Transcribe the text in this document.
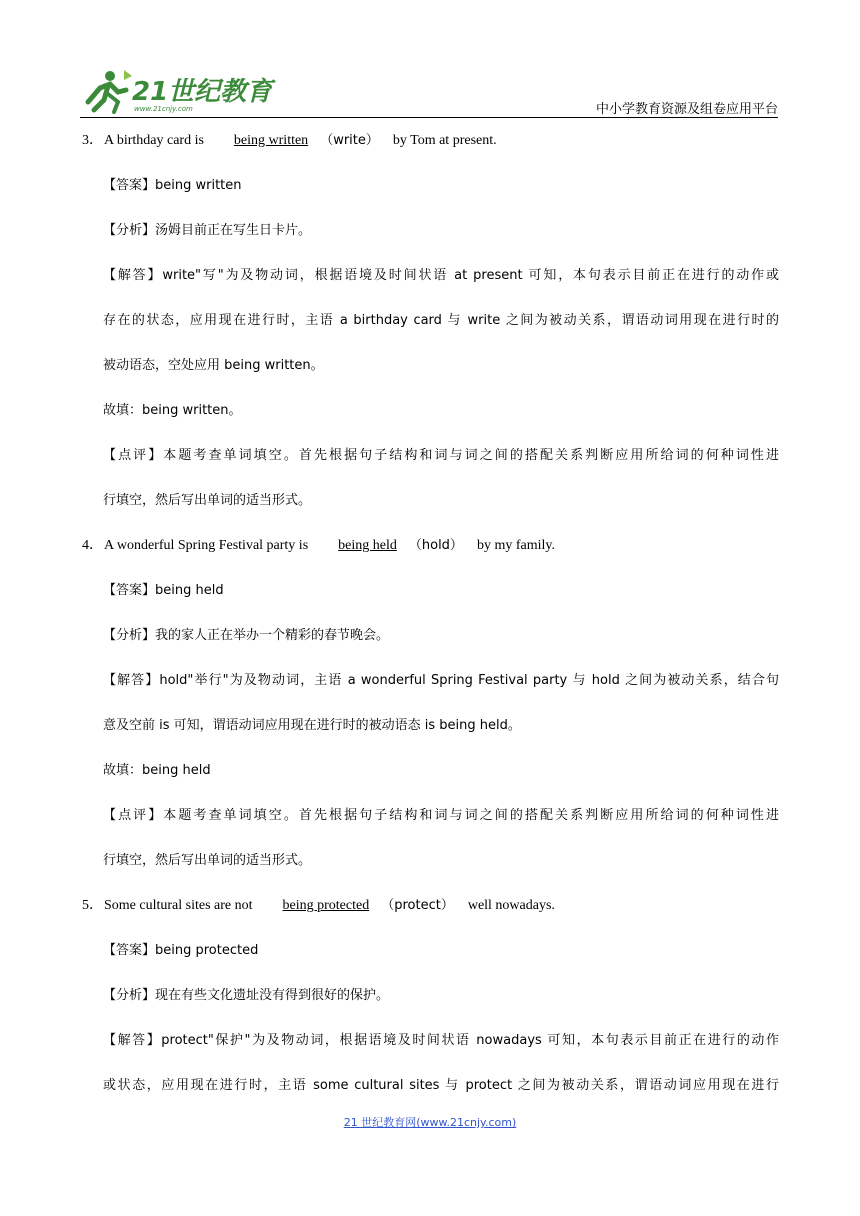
21世纪教育
www.21cnjy.com	中小学教育资源及组卷应用平台
3．A birthday card is being written （write） by Tom at present.
【答案】being written
【分析】汤姆目前正在写生日卡片。
【解答】write"写"为及物动词，根据语境及时间状语 at present 可知，本句表示目前正在进行的动作或
存在的状态，应用现在进行时，主语 a birthday card 与 write 之间为被动关系，谓语动词用现在进行时的
被动语态，空处应用 being written。
故填：being written。
【点评】本题考查单词填空。首先根据句子结构和词与词之间的搭配关系判断应用所给词的何种词性进
行填空，然后写出单词的适当形式。
4．A wonderful Spring Festival party is being held （hold） by my family.
【答案】being held
【分析】我的家人正在举办一个精彩的春节晚会。
【解答】hold"举行"为及物动词，主语 a wonderful Spring Festival party 与 hold 之间为被动关系，结合句
意及空前 is 可知，谓语动词应用现在进行时的被动语态 is being held。
故填：being held
【点评】本题考查单词填空。首先根据句子结构和词与词之间的搭配关系判断应用所给词的何种词性进
行填空，然后写出单词的适当形式。
5．Some cultural sites are not being protected （protect） well nowadays.
【答案】being protected
【分析】现在有些文化遗址没有得到很好的保护。
【解答】protect"保护"为及物动词，根据语境及时间状语 nowadays 可知，本句表示目前正在进行的动作
或状态，应用现在进行时，主语 some cultural sites 与 protect 之间为被动关系，谓语动词应用现在进行
21 世纪教育网(www.21cnjy.com)
